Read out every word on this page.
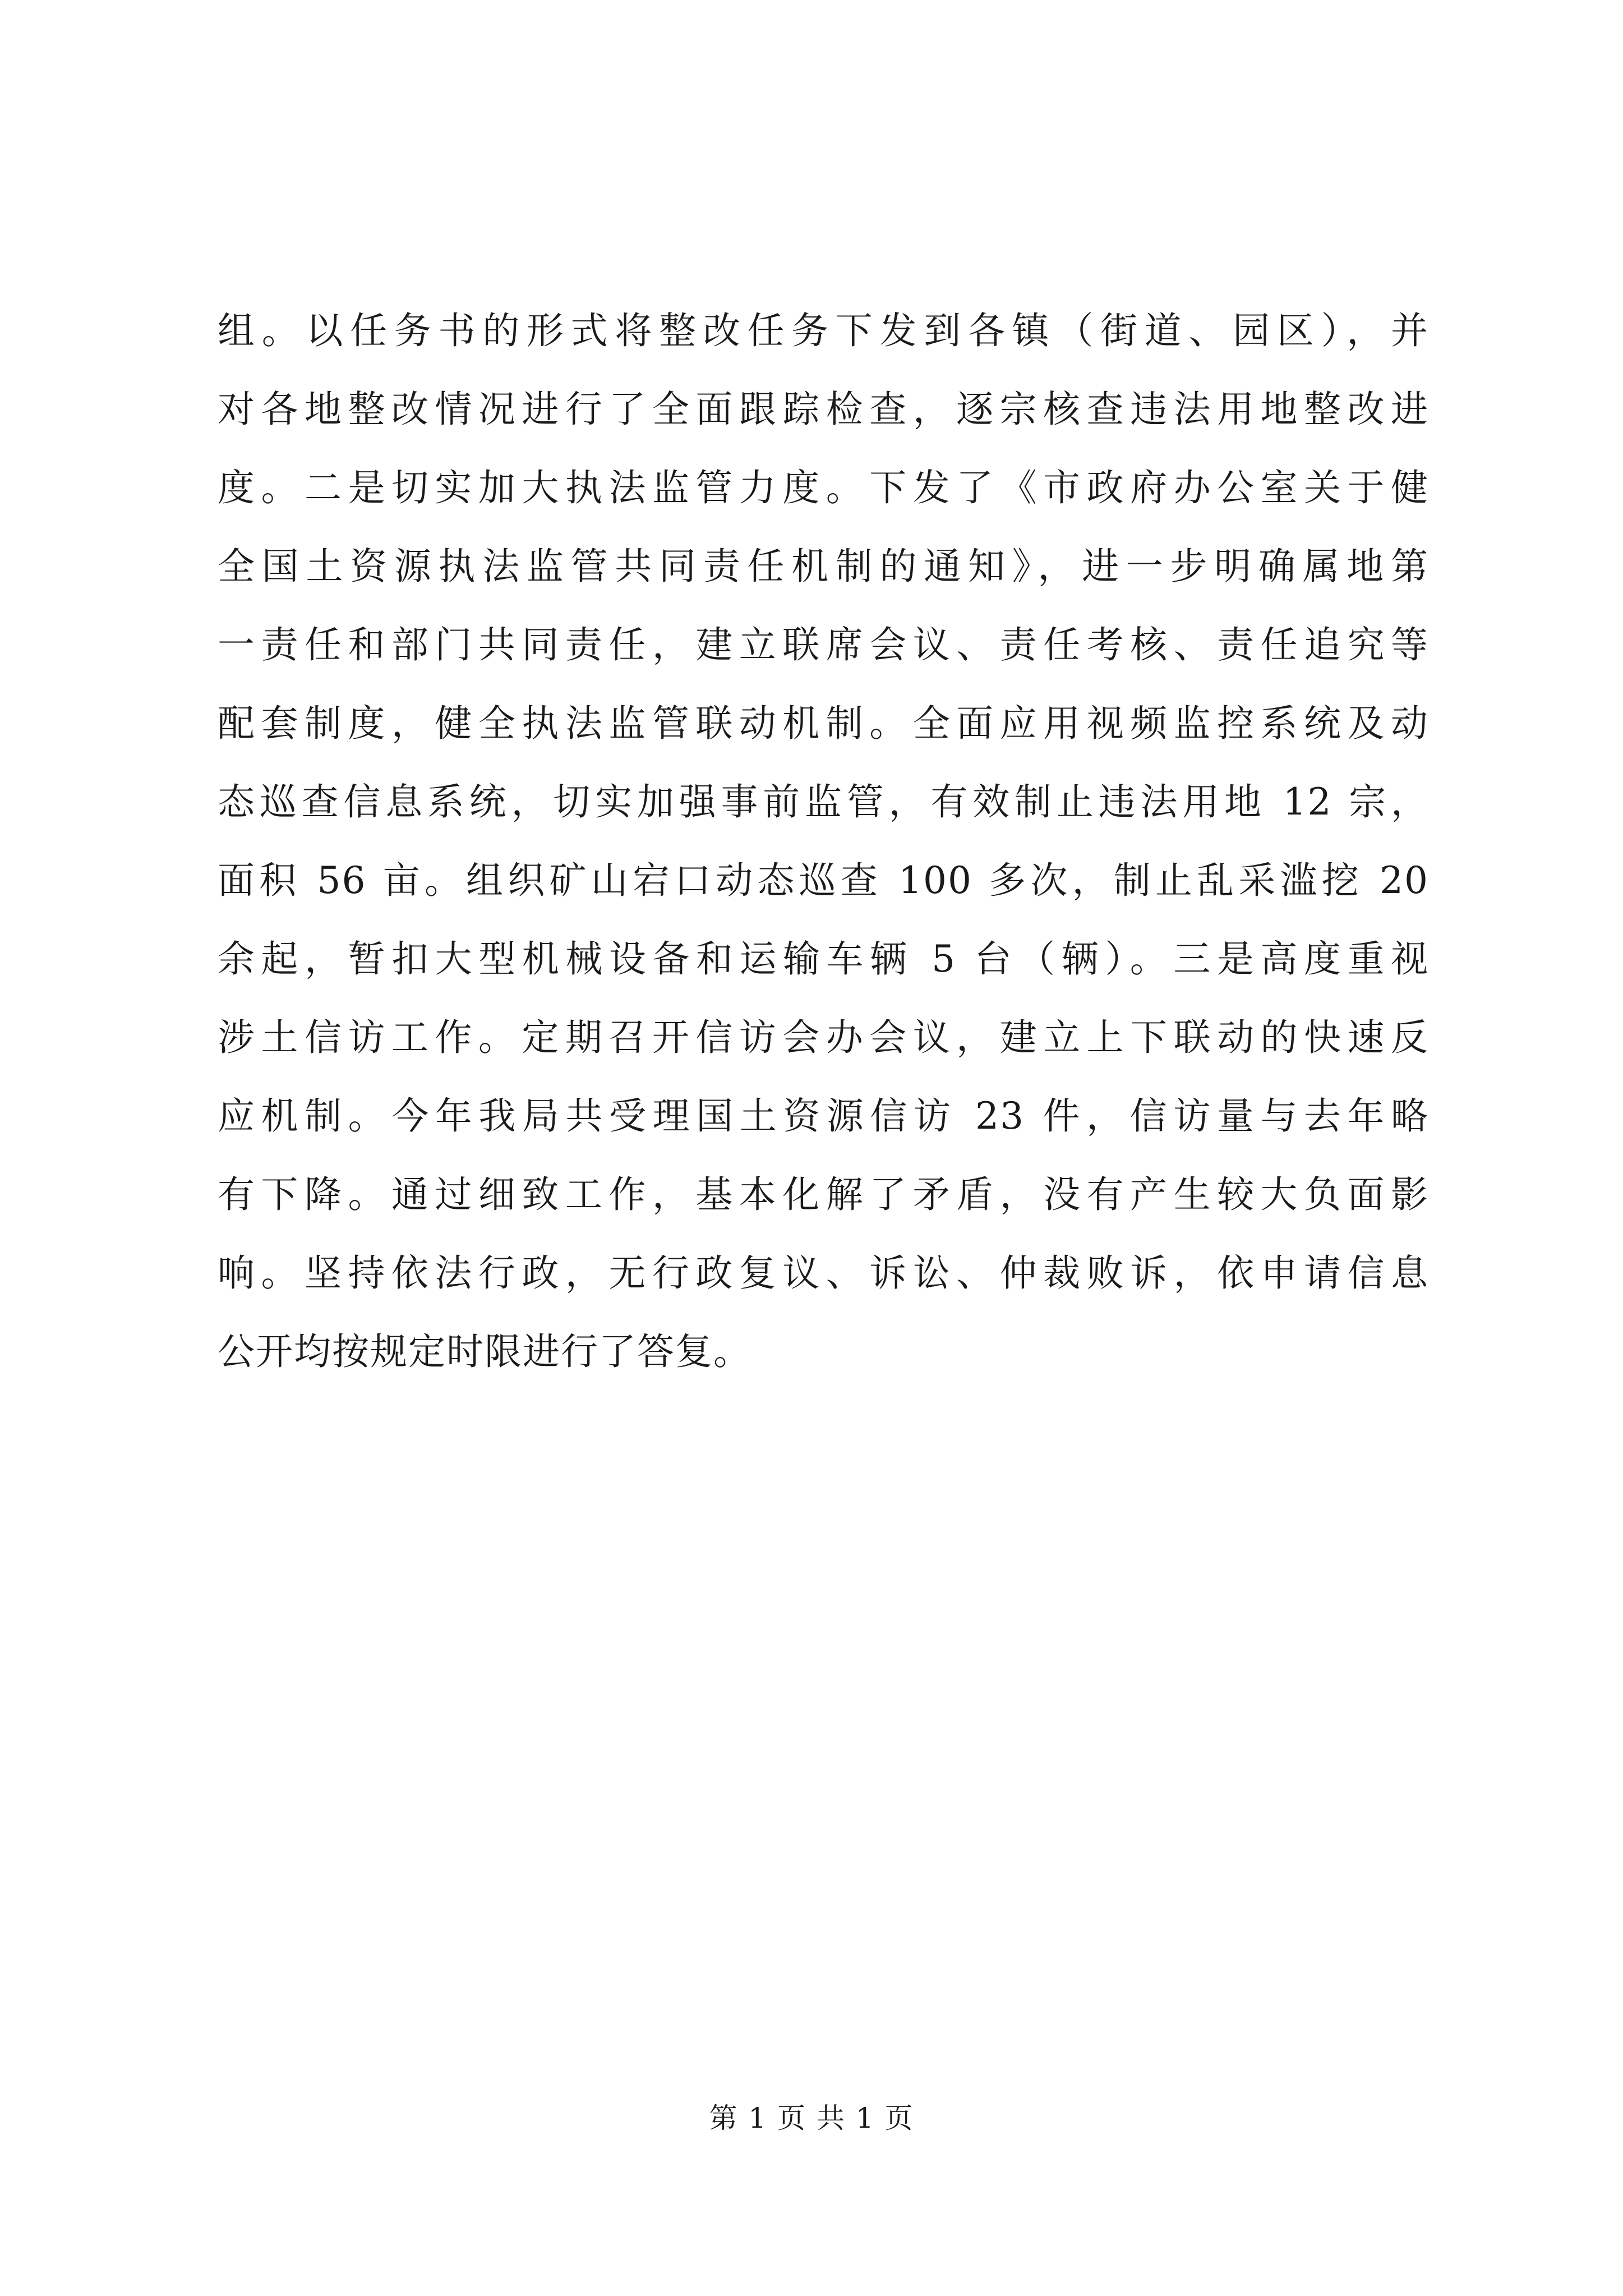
组。以任务书的形式将整改任务下发到各镇（街道、园区），并
对各地整改情况进行了全面跟踪检查，逐宗核查违法用地整改进
度。二是切实加大执法监管力度。下发了《市政府办公室关于健
全国土资源执法监管共同责任机制的通知》，进一步明确属地第
一责任和部门共同责任，建立联席会议、责任考核、责任追究等
配套制度，健全执法监管联动机制。全面应用视频监控系统及动
态巡查信息系统，切实加强事前监管，有效制止违法用地 12 宗，
面积 56 亩。组织矿山宕口动态巡查 100 多次，制止乱采滥挖 20
余起，暂扣大型机械设备和运输车辆 5 台（辆）。三是高度重视
涉土信访工作。定期召开信访会办会议，建立上下联动的快速反
应机制。今年我局共受理国土资源信访 23 件，信访量与去年略
有下降。通过细致工作，基本化解了矛盾，没有产生较大负面影
响。坚持依法行政，无行政复议、诉讼、仲裁败诉，依申请信息
公开均按规定时限进行了答复。
第 1 页 共 1 页
